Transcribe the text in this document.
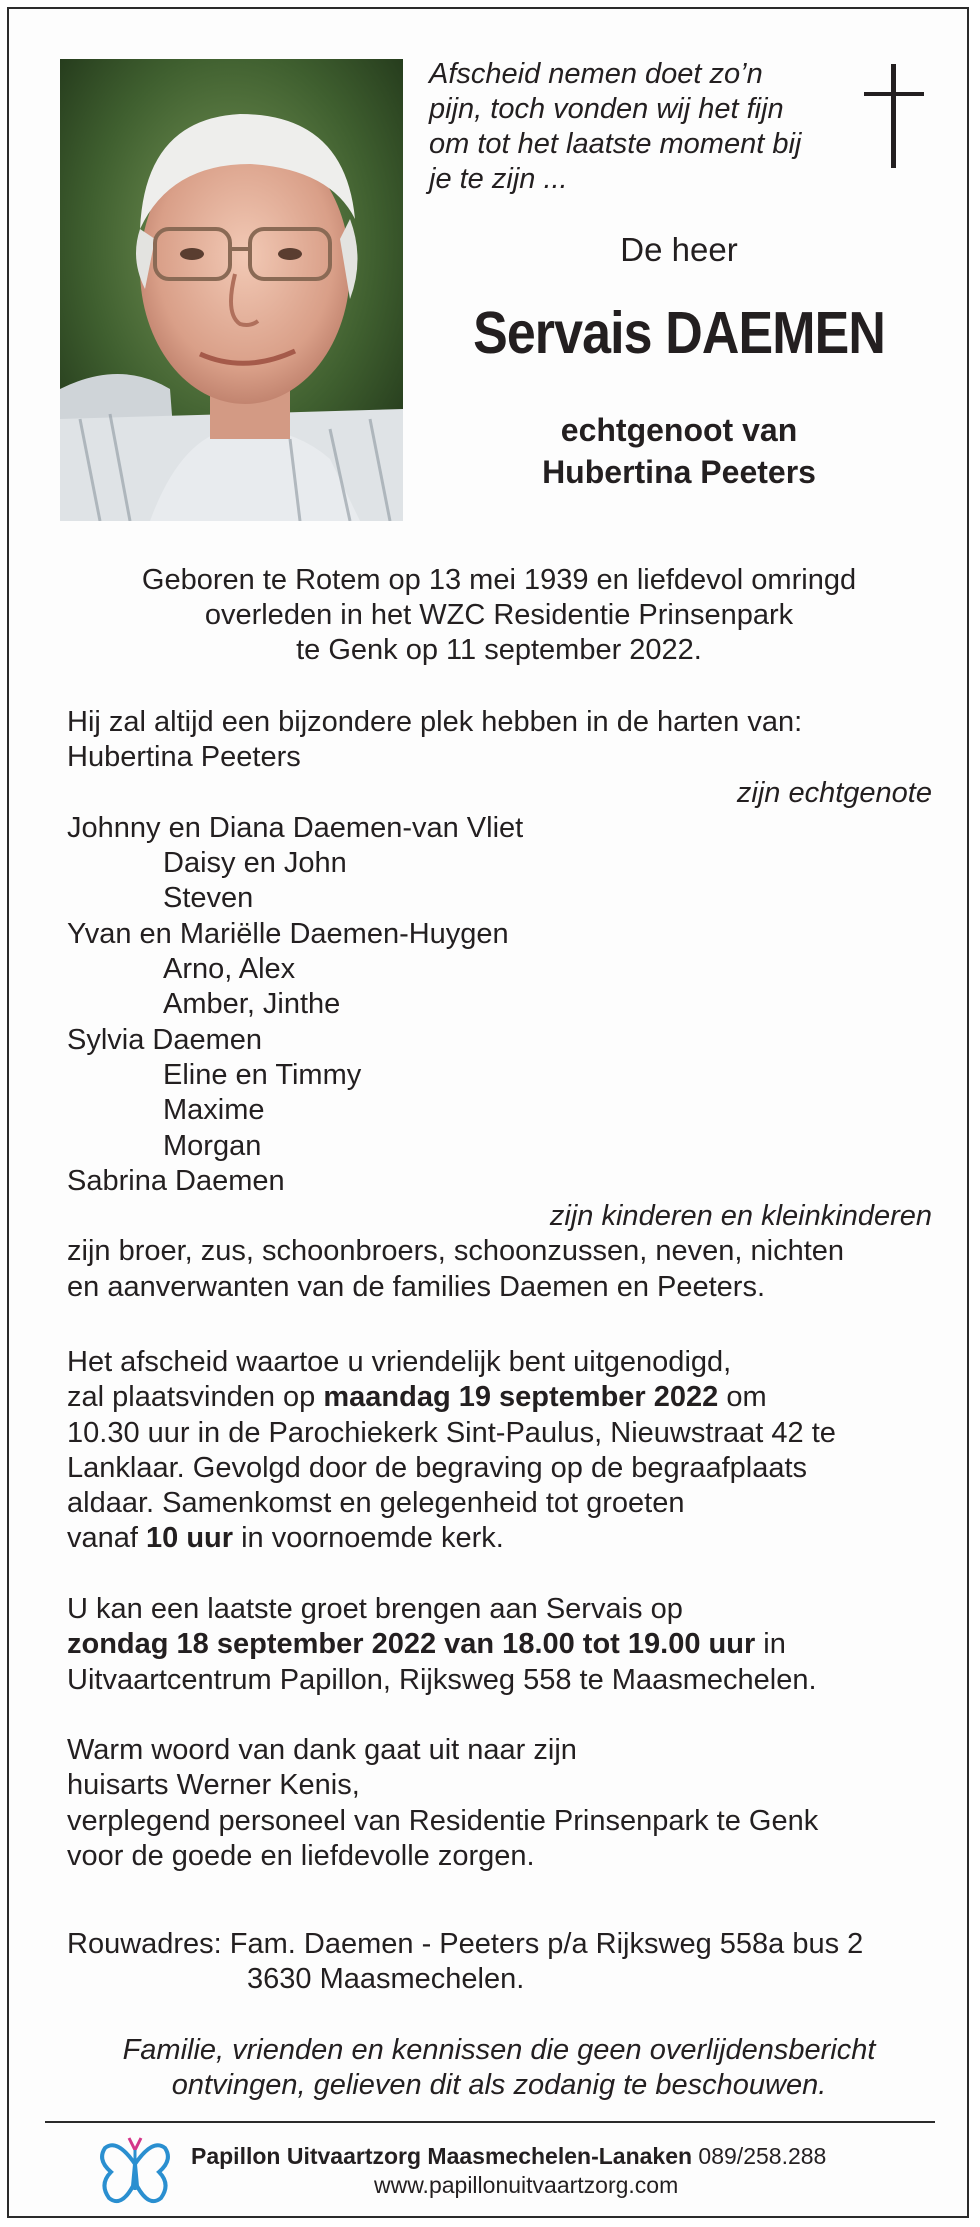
Afscheid nemen doet zo’n
pijn, toch vonden wij het fijn
om tot het laatste moment bij
je te zijn ...
De heer
Servais DAEMEN
echtgenoot van
Hubertina Peeters
Geboren te Rotem op 13 mei 1939 en liefdevol omringd
overleden in het WZC Residentie Prinsenpark
te Genk op 11 september 2022.
Hij zal altijd een bijzondere plek hebben in de harten van:
Hubertina Peeters
zijn echtgenote
Johnny en Diana Daemen-van Vliet
Daisy en John
Steven
Yvan en Mariëlle Daemen-Huygen
Arno, Alex
Amber, Jinthe
Sylvia Daemen
Eline en Timmy
Maxime
Morgan
Sabrina Daemen
zijn kinderen en kleinkinderen
zijn broer, zus, schoonbroers, schoonzussen, neven, nichten
en aanverwanten van de families Daemen en Peeters.
Het afscheid waartoe u vriendelijk bent uitgenodigd,
zal plaatsvinden op maandag 19 september 2022 om
10.30 uur in de Parochiekerk Sint-Paulus, Nieuwstraat 42 te
Lanklaar. Gevolgd door de begraving op de begraafplaats
aldaar. Samenkomst en gelegenheid tot groeten
vanaf 10 uur in voornoemde kerk.
U kan een laatste groet brengen aan Servais op
zondag 18 september 2022 van 18.00 tot 19.00 uur in
Uitvaartcentrum Papillon, Rijksweg 558 te Maasmechelen.
Warm woord van dank gaat uit naar zijn
huisarts Werner Kenis,
verplegend personeel van Residentie Prinsenpark te Genk
voor de goede en liefdevolle zorgen.
Rouwadres: Fam. Daemen - Peeters p/a Rijksweg 558a bus 2
3630 Maasmechelen.
Familie, vrienden en kennissen die geen overlijdensbericht
ontvingen, gelieven dit als zodanig te beschouwen.
Papillon Uitvaartzorg Maasmechelen-Lanaken 089/258.288
www.papillonuitvaartzorg.com
